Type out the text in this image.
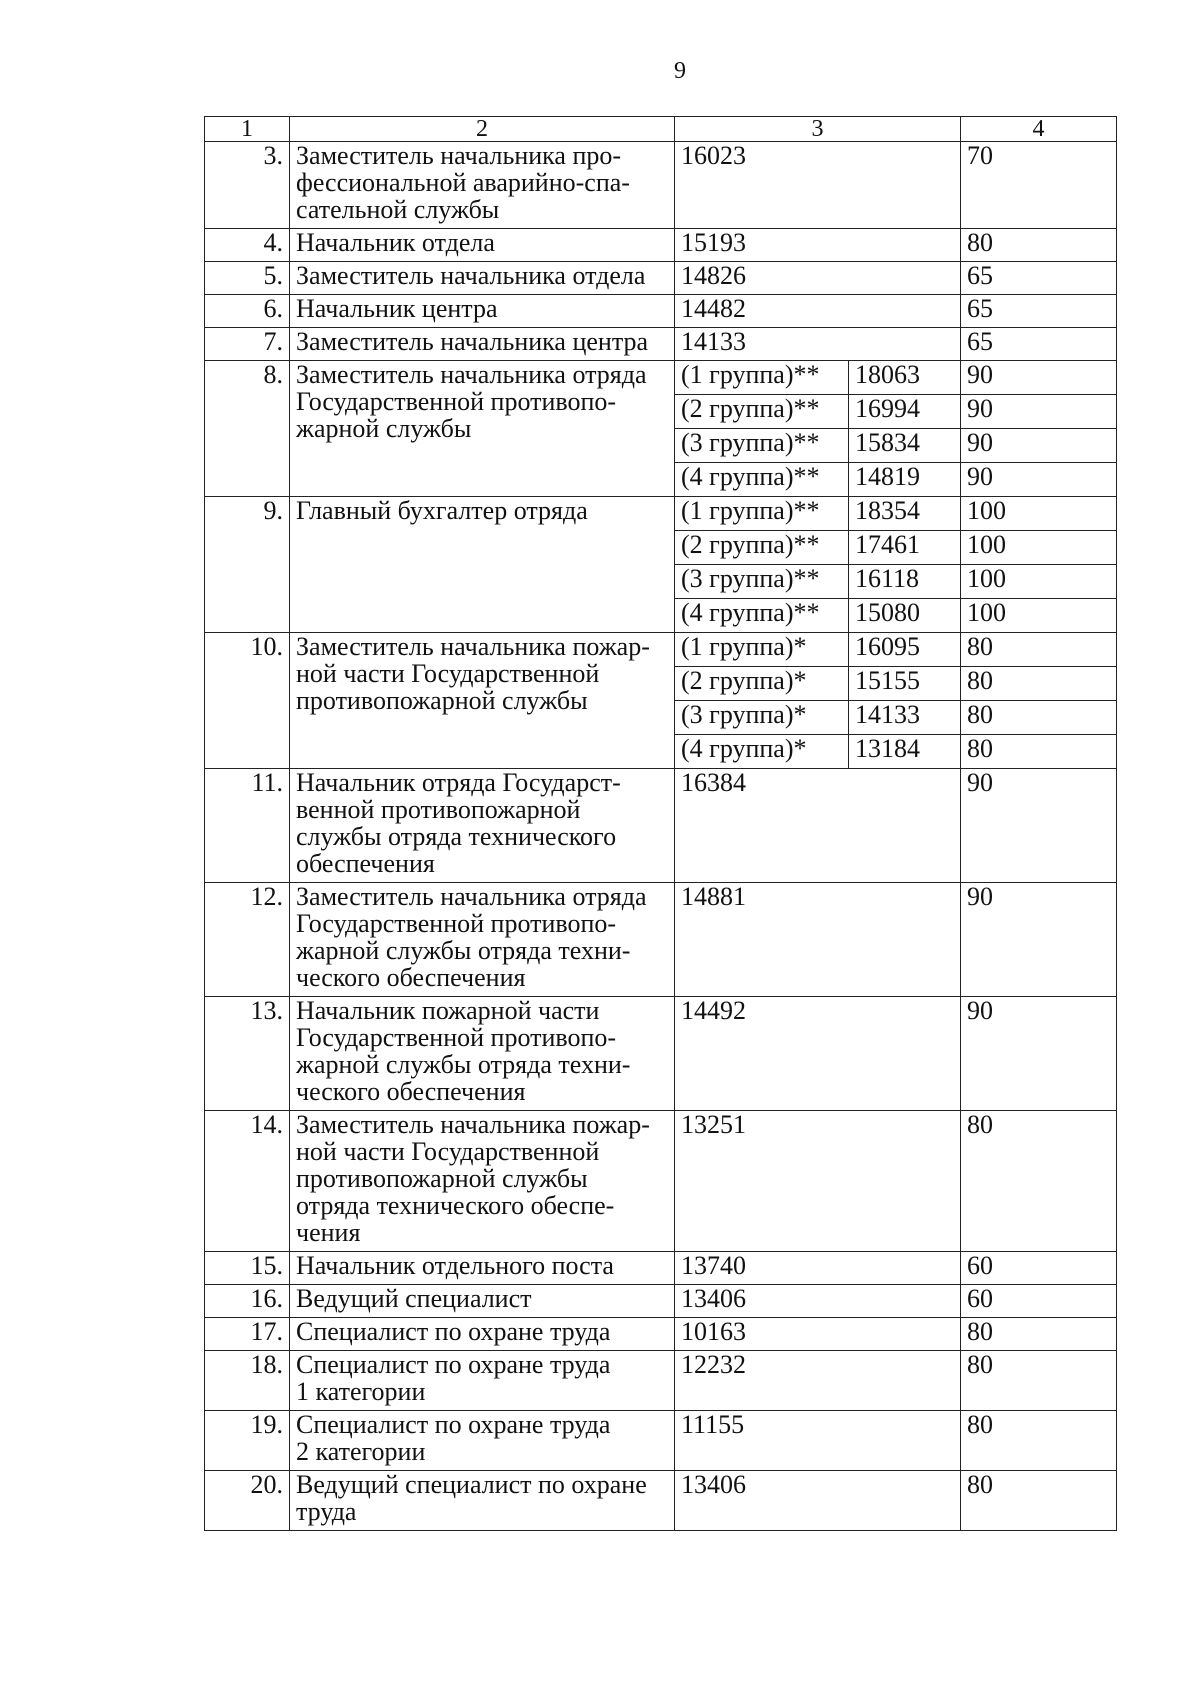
9
1	2	3		4
3.	Заместитель начальника про-
фессиональной аварийно-спа-
сательной службы	16023		70
4.	Начальник отдела	15193		80
5.	Заместитель начальника отдела	14826		65
6.	Начальник центра	14482		65
7.	Заместитель начальника центра	14133		65
8.	Заместитель начальника отряда
Государственной противопо-
жарной службы	(1 группа)**	18063	90
		(2 группа)**	16994	90
		(3 группа)**	15834	90
		(4 группа)**	14819	90
9.	Главный бухгалтер отряда	(1 группа)**	18354	100
		(2 группа)**	17461	100
		(3 группа)**	16118	100
		(4 группа)**	15080	100
10.	Заместитель начальника пожар-
ной части Государственной
противопожарной службы	(1 группа)*	16095	80
		(2 группа)*	15155	80
		(3 группа)*	14133	80
		(4 группа)*	13184	80
11.	Начальник отряда Государст-
венной противопожарной
службы отряда технического
обеспечения	16384		90
12.	Заместитель начальника отряда
Государственной противопо-
жарной службы отряда техни-
ческого обеспечения	14881		90
13.	Начальник пожарной части
Государственной противопо-
жарной службы отряда техни-
ческого обеспечения	14492		90
14.	Заместитель начальника пожар-
ной части Государственной
противопожарной службы
отряда технического обеспе-
чения	13251		80
15.	Начальник отдельного поста	13740		60
16.	Ведущий специалист	13406		60
17.	Специалист по охране труда	10163		80
18.	Специалист по охране труда
1 категории	12232		80
19.	Специалист по охране труда
2 категории	11155		80
20.	Ведущий специалист по охране
труда	13406		80
